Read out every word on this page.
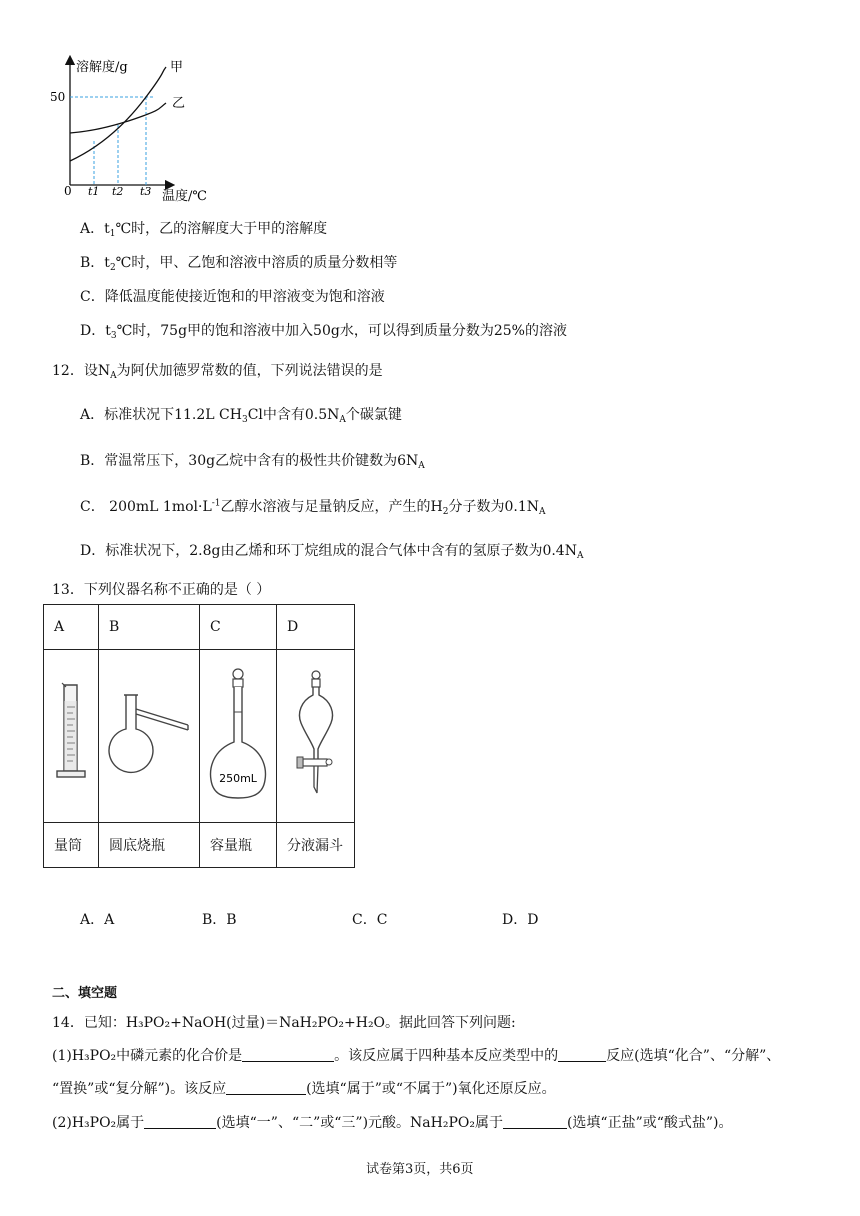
溶解度/g
温度/℃
0
50
t1 t2 t3
甲
乙
A．$t_1℃$时，乙的溶解度大于甲的溶解度
B．$t_2℃$时，甲、乙饱和溶液中溶质的质量分数相等
C．降低温度能使接近饱和的甲溶液变为饱和溶液
D．$t_3℃$时，75g甲的饱和溶液中加入50g水，可以得到质量分数为25%的溶液
12．设$N_A$为阿伏加德罗常数的值，下列说法错误的是
A．标准状况下11.2L $CH_3Cl$中含有$0.5N_A$个碳氯键
B．常温常压下，30g乙烷中含有的极性共价键数为$6N_A$
C． 200mL $1mol\cdot L^{-1}$乙醇水溶液与足量钠反应，产生的$H_2$分子数为$0.1N_A$
D．标准状况下，2.8g由乙烯和环丁烷组成的混合气体中含有的氢原子数为$0.4N_A$
13．下列仪器名称不正确的是（ ）
A	B	C	D

250mL

量筒	圆底烧瓶	容量瓶	分液漏斗
A．A	B．B	C．C	D．D
二、填空题
14．已知：H₃PO₂+NaOH(过量)＝NaH₂PO₂+H₂O。据此回答下列问题:
(1)H₃PO₂中磷元素的化合价是	。该反应属于四种基本反应类型中的	反应(选填“化合”、“分解”、
“置换”或“复分解”)。该反应	(选填“属于”或“不属于”)氧化还原反应。
(2)H₃PO₂属于	(选填“一”、“二”或“三”)元酸。NaH₂PO₂属于	(选填“正盐”或“酸式盐”)。
试卷第3页，共6页
